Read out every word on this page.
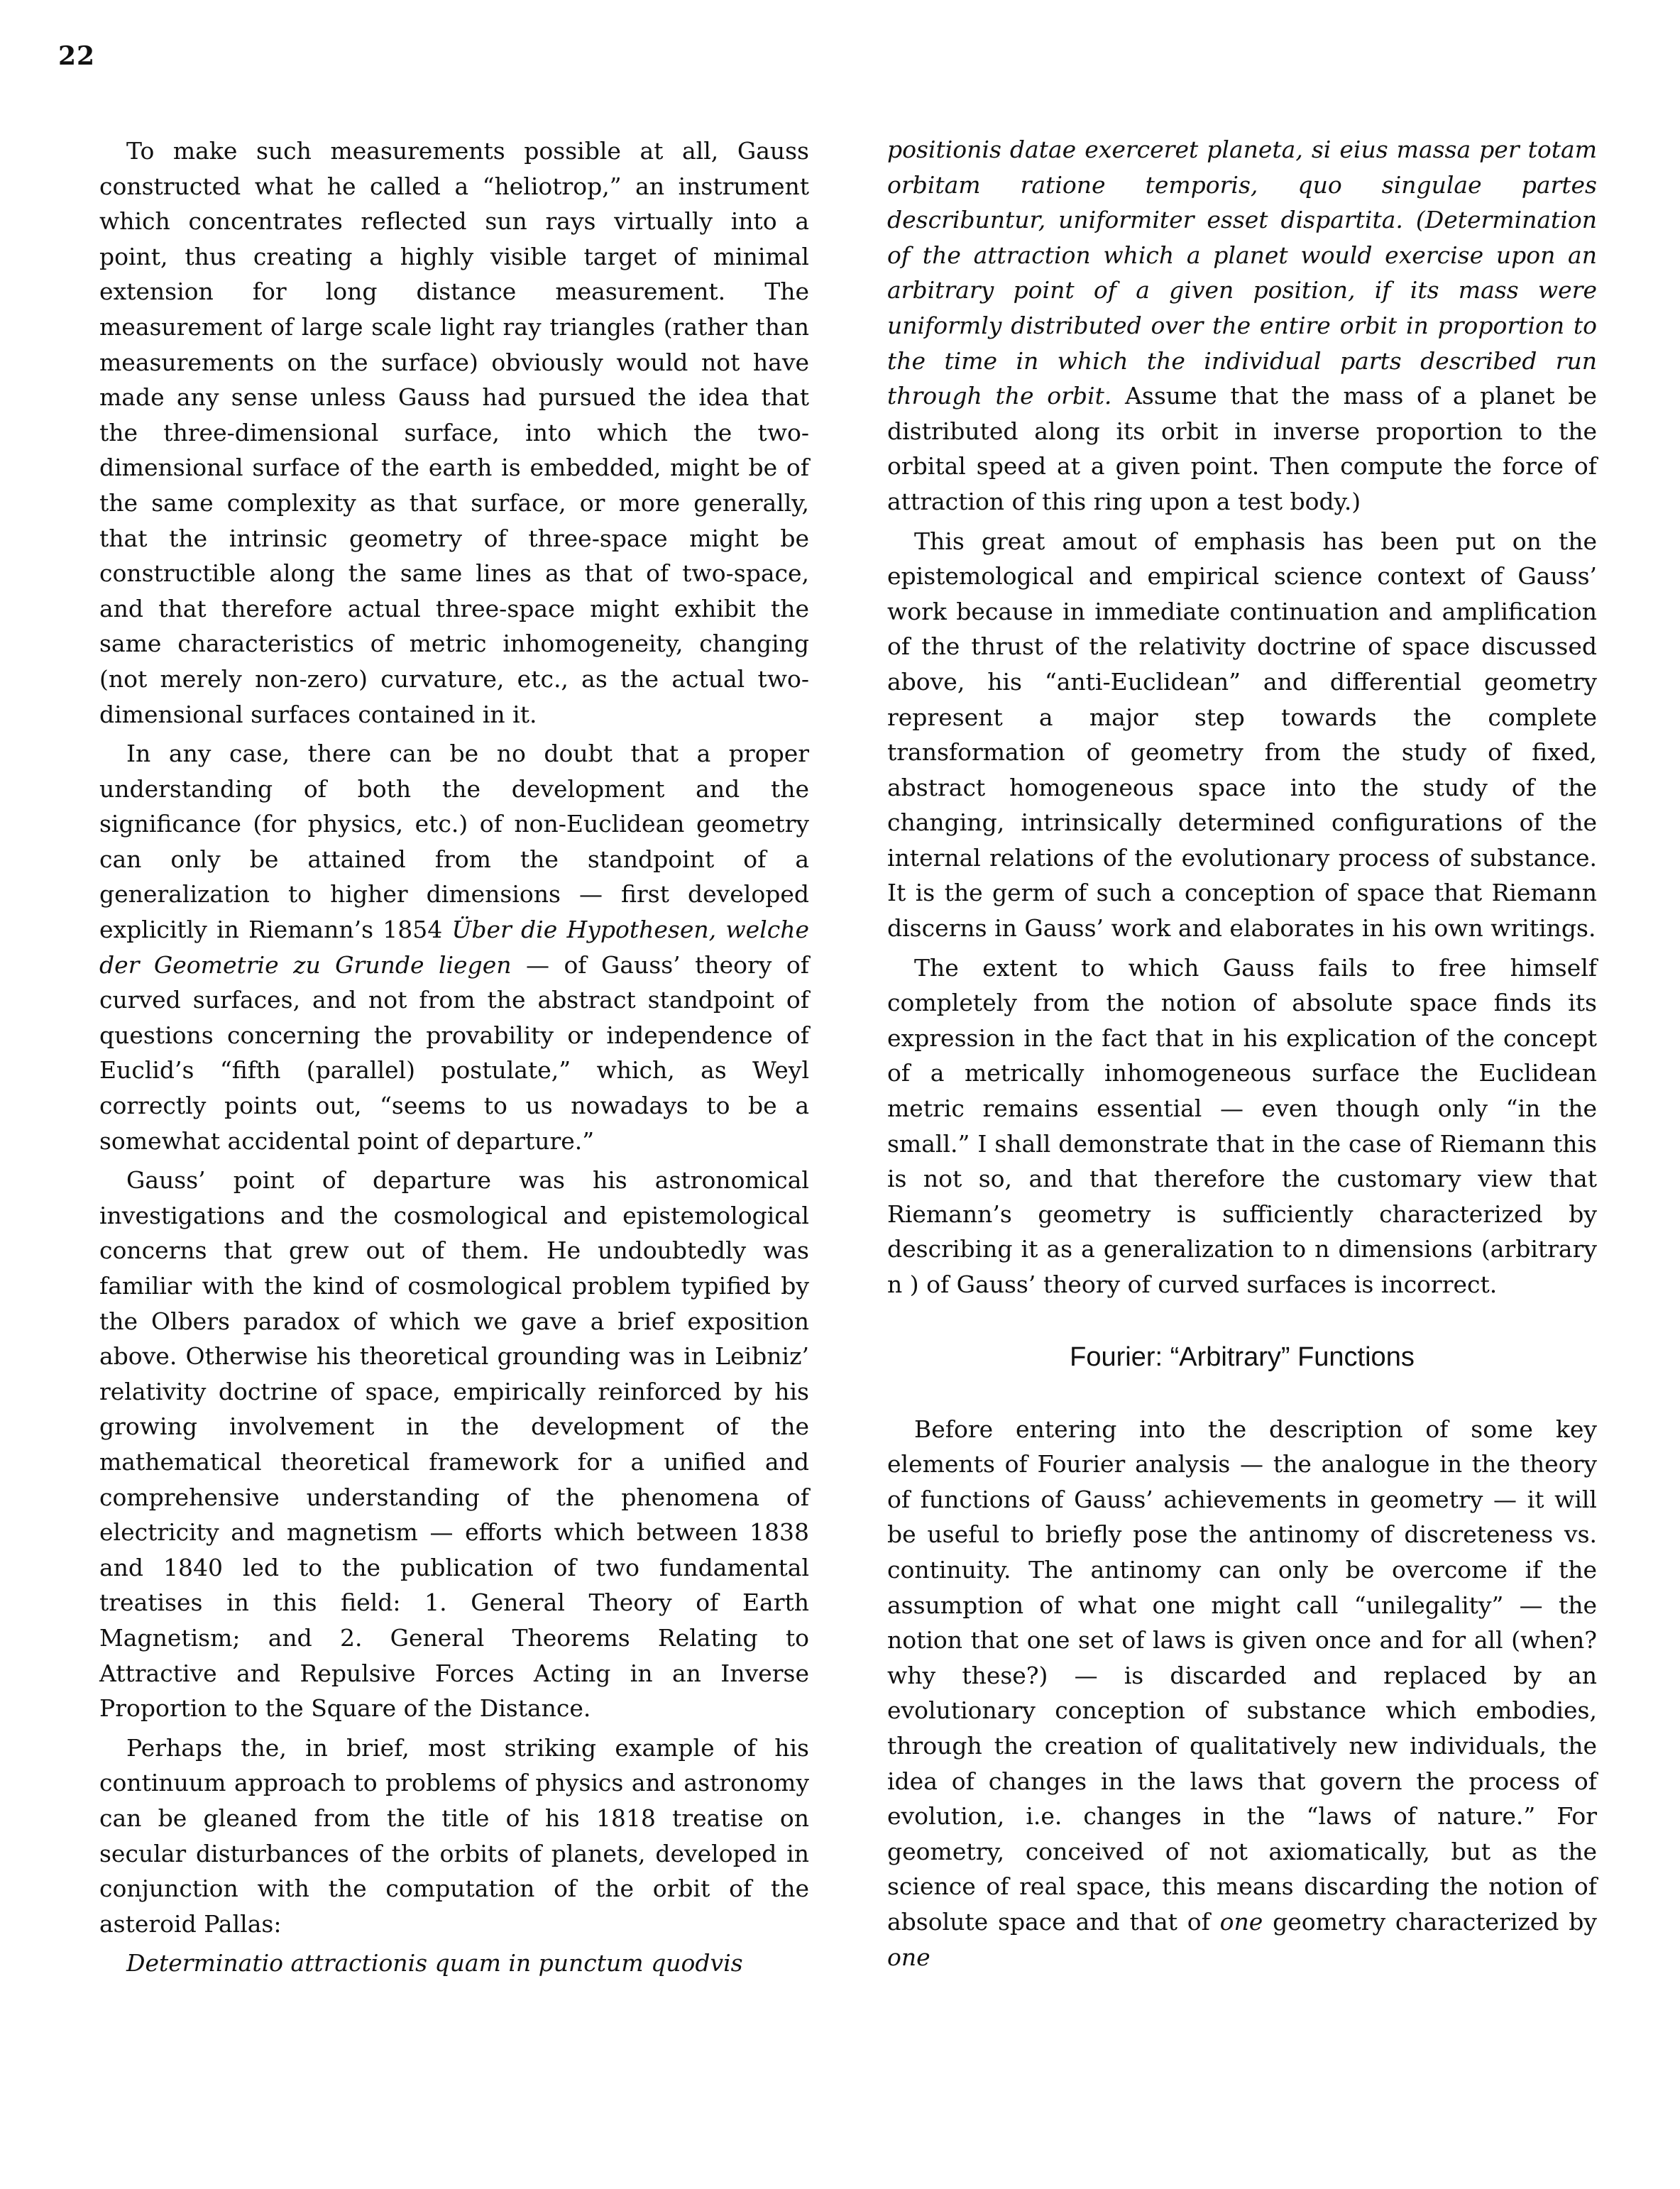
22

To make such measurements possible at all, Gauss constructed what he called a “heliotrop,” an instrument which concentrates reflected sun rays virtually into a point, thus creating a highly visible target of minimal extension for long distance measurement. The measurement of large scale light ray triangles (rather than measurements on the surface) obviously would not have made any sense unless Gauss had pursued the idea that the three-dimensional surface, into which the two-dimensional surface of the earth is embedded, might be of the same complexity as that surface, or more generally, that the intrinsic geometry of three-space might be constructible along the same lines as that of two-space, and that therefore actual three-space might exhibit the same characteristics of metric inhomogeneity, changing (not merely non-zero) curvature, etc., as the actual two-dimensional surfaces contained in it.

In any case, there can be no doubt that a proper understanding of both the development and the significance (for physics, etc.) of non-Euclidean geometry can only be attained from the standpoint of a generalization to higher dimensions — first developed explicitly in Riemann’s 1854 Über die Hypothesen, welche der Geometrie zu Grunde liegen — of Gauss’ theory of curved surfaces, and not from the abstract standpoint of questions concerning the provability or independence of Euclid’s “fifth (parallel) postulate,” which, as Weyl correctly points out, “seems to us nowadays to be a somewhat accidental point of departure.”

Gauss’ point of departure was his astronomical investigations and the cosmological and epistemological concerns that grew out of them. He undoubtedly was familiar with the kind of cosmological problem typified by the Olbers paradox of which we gave a brief exposition above. Otherwise his theoretical grounding was in Leibniz’ relativity doctrine of space, empirically reinforced by his growing involvement in the development of the mathematical theoretical framework for a unified and comprehensive understanding of the phenomena of electricity and magnetism — efforts which between 1838 and 1840 led to the publication of two fundamental treatises in this field: 1. General Theory of Earth Magnetism; and 2. General Theorems Relating to Attractive and Repulsive Forces Acting in an Inverse Proportion to the Square of the Distance.

Perhaps the, in brief, most striking example of his continuum approach to problems of physics and astronomy can be gleaned from the title of his 1818 treatise on secular disturbances of the orbits of planets, developed in conjunction with the computation of the orbit of the asteroid Pallas:

Determinatio attractionis quam in punctum quodvis

positionis datae exerceret planeta, si eius massa per totam orbitam ratione temporis, quo singulae partes describuntur, uniformiter esset dispartita. (Determination of the attraction which a planet would exercise upon an arbitrary point of a given position, if its mass were uniformly distributed over the entire orbit in proportion to the time in which the individual parts described run through the orbit. Assume that the mass of a planet be distributed along its orbit in inverse proportion to the orbital speed at a given point. Then compute the force of attraction of this ring upon a test body.)

This great amout of emphasis has been put on the epistemological and empirical science context of Gauss’ work because in immediate continuation and amplification of the thrust of the relativity doctrine of space discussed above, his “anti-Euclidean” and differential geometry represent a major step towards the complete transformation of geometry from the study of fixed, abstract homogeneous space into the study of the changing, intrinsically determined configurations of the internal relations of the evolutionary process of substance. It is the germ of such a conception of space that Riemann discerns in Gauss’ work and elaborates in his own writings.

The extent to which Gauss fails to free himself completely from the notion of absolute space finds its expression in the fact that in his explication of the concept of a metrically inhomogeneous surface the Euclidean metric remains essential — even though only “in the small.” I shall demonstrate that in the case of Riemann this is not so, and that therefore the customary view that Riemann’s geometry is sufficiently characterized by describing it as a generalization to n dimensions (arbitrary n ) of Gauss’ theory of curved surfaces is incorrect.

Fourier: “Arbitrary” Functions

Before entering into the description of some key elements of Fourier analysis — the analogue in the theory of functions of Gauss’ achievements in geometry — it will be useful to briefly pose the antinomy of discreteness vs. continuity. The antinomy can only be overcome if the assumption of what one might call “unilegality” — the notion that one set of laws is given once and for all (when? why these?) — is discarded and replaced by an evolutionary conception of substance which embodies, through the creation of qualitatively new individuals, the idea of changes in the laws that govern the process of evolution, i.e. changes in the “laws of nature.” For geometry, conceived of not axiomatically, but as the science of real space, this means discarding the notion of absolute space and that of one geometry characterized by one
